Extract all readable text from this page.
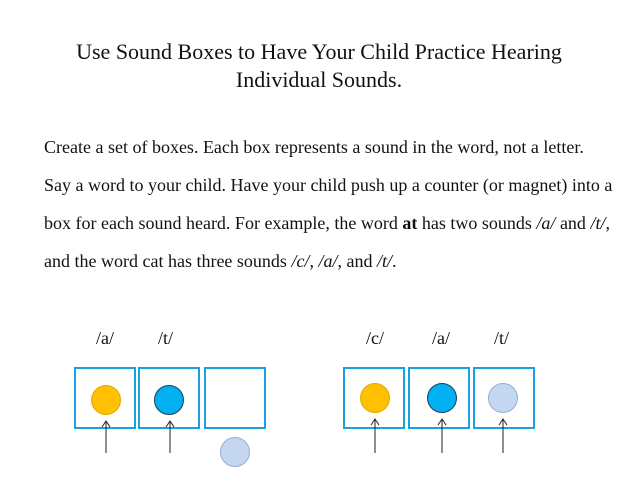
Use Sound Boxes to Have Your Child Practice Hearing
Individual Sounds.
Create a set of boxes. Each box represents a sound in the word, not a letter. Say a word to your child. Have your child push up a counter (or magnet) into a box for each sound heard. For example, the word at has two sounds /a/ and /t/, and the word cat has three sounds /c/, /a/, and /t/.
/a/ /t/	/c/	/a/ /t/
